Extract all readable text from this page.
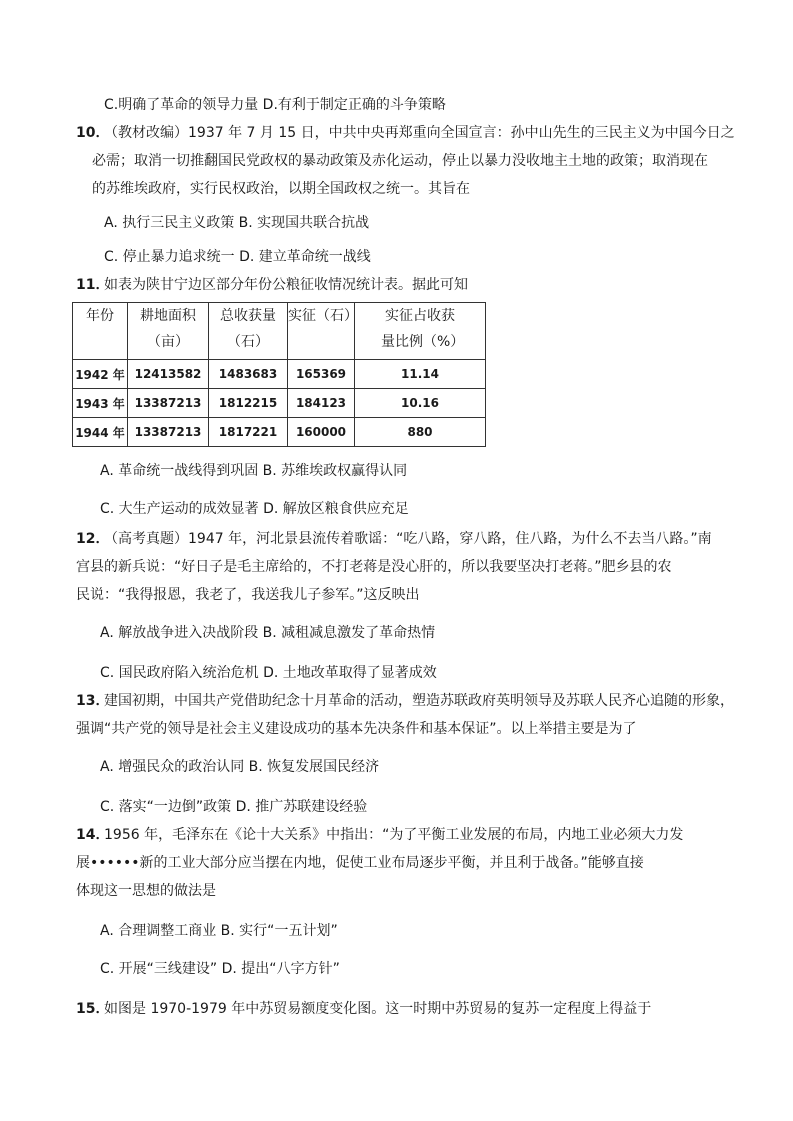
C.明确了革命的领导力量 D.有利于制定正确的斗争策略
10．
（教材改编）1937 年 7 月 15 日，中共中央再郑重向全国宣言：孙中山先生的三民主义为中国今日之
必需；取消一切推翻国民党政权的暴动政策及赤化运动，停止以暴力没收地主土地的政策；取消现在
的苏维埃政府，实行民权政治，以期全国政权之统一。其旨在
A. 执行三民主义政策 B. 实现国共联合抗战
C. 停止暴力追求统一 D. 建立革命统一战线
11．
如表为陕甘宁边区部分年份公粮征收情况统计表。据此可知
年份	耕地面积（亩）	总收获量（石）	实征（石）	实征占收获量比例（%）

1942 年	12413582	1483683	165369	11.14
1943 年	13387213	1812215	184123	10.16
1944 年	13387213	1817221	160000	880
A. 革命统一战线得到巩固 B. 苏维埃政权赢得认同
C. 大生产运动的成效显著 D. 解放区粮食供应充足
12．
（高考真题）1947 年，河北景县流传着歌谣：“吃八路，穿八路，住八路，为什么不去当八路。”南
宫县的新兵说：“好日子是毛主席给的，不打老蒋是没心肝的，所以我要坚决打老蒋。”肥乡县的农
民说：“我得报恩，我老了，我送我儿子参军。”这反映出
A. 解放战争进入决战阶段 B. 减租减息激发了革命热情
C. 国民政府陷入统治危机 D. 土地改革取得了显著成效
13．
建国初期，中国共产党借助纪念十月革命的活动，塑造苏联政府英明领导及苏联人民齐心追随的形象，
强调“共产党的领导是社会主义建设成功的基本先决条件和基本保证”。以上举措主要是为了
A. 增强民众的政治认同 B. 恢复发展国民经济
C. 落实“一边倒”政策 D. 推广苏联建设经验
14．
1956 年，毛泽东在《论十大关系》中指出：“为了平衡工业发展的布局，内地工业必须大力发
展••••••新的工业大部分应当摆在内地，促使工业布局逐步平衡，并且利于战备。”能够直接
体现这一思想的做法是
A. 合理调整工商业 B. 实行“一五计划”
C. 开展“三线建设” D. 提出“八字方针”
15．
如图是 1970-1979 年中苏贸易额度变化图。这一时期中苏贸易的复苏一定程度上得益于
